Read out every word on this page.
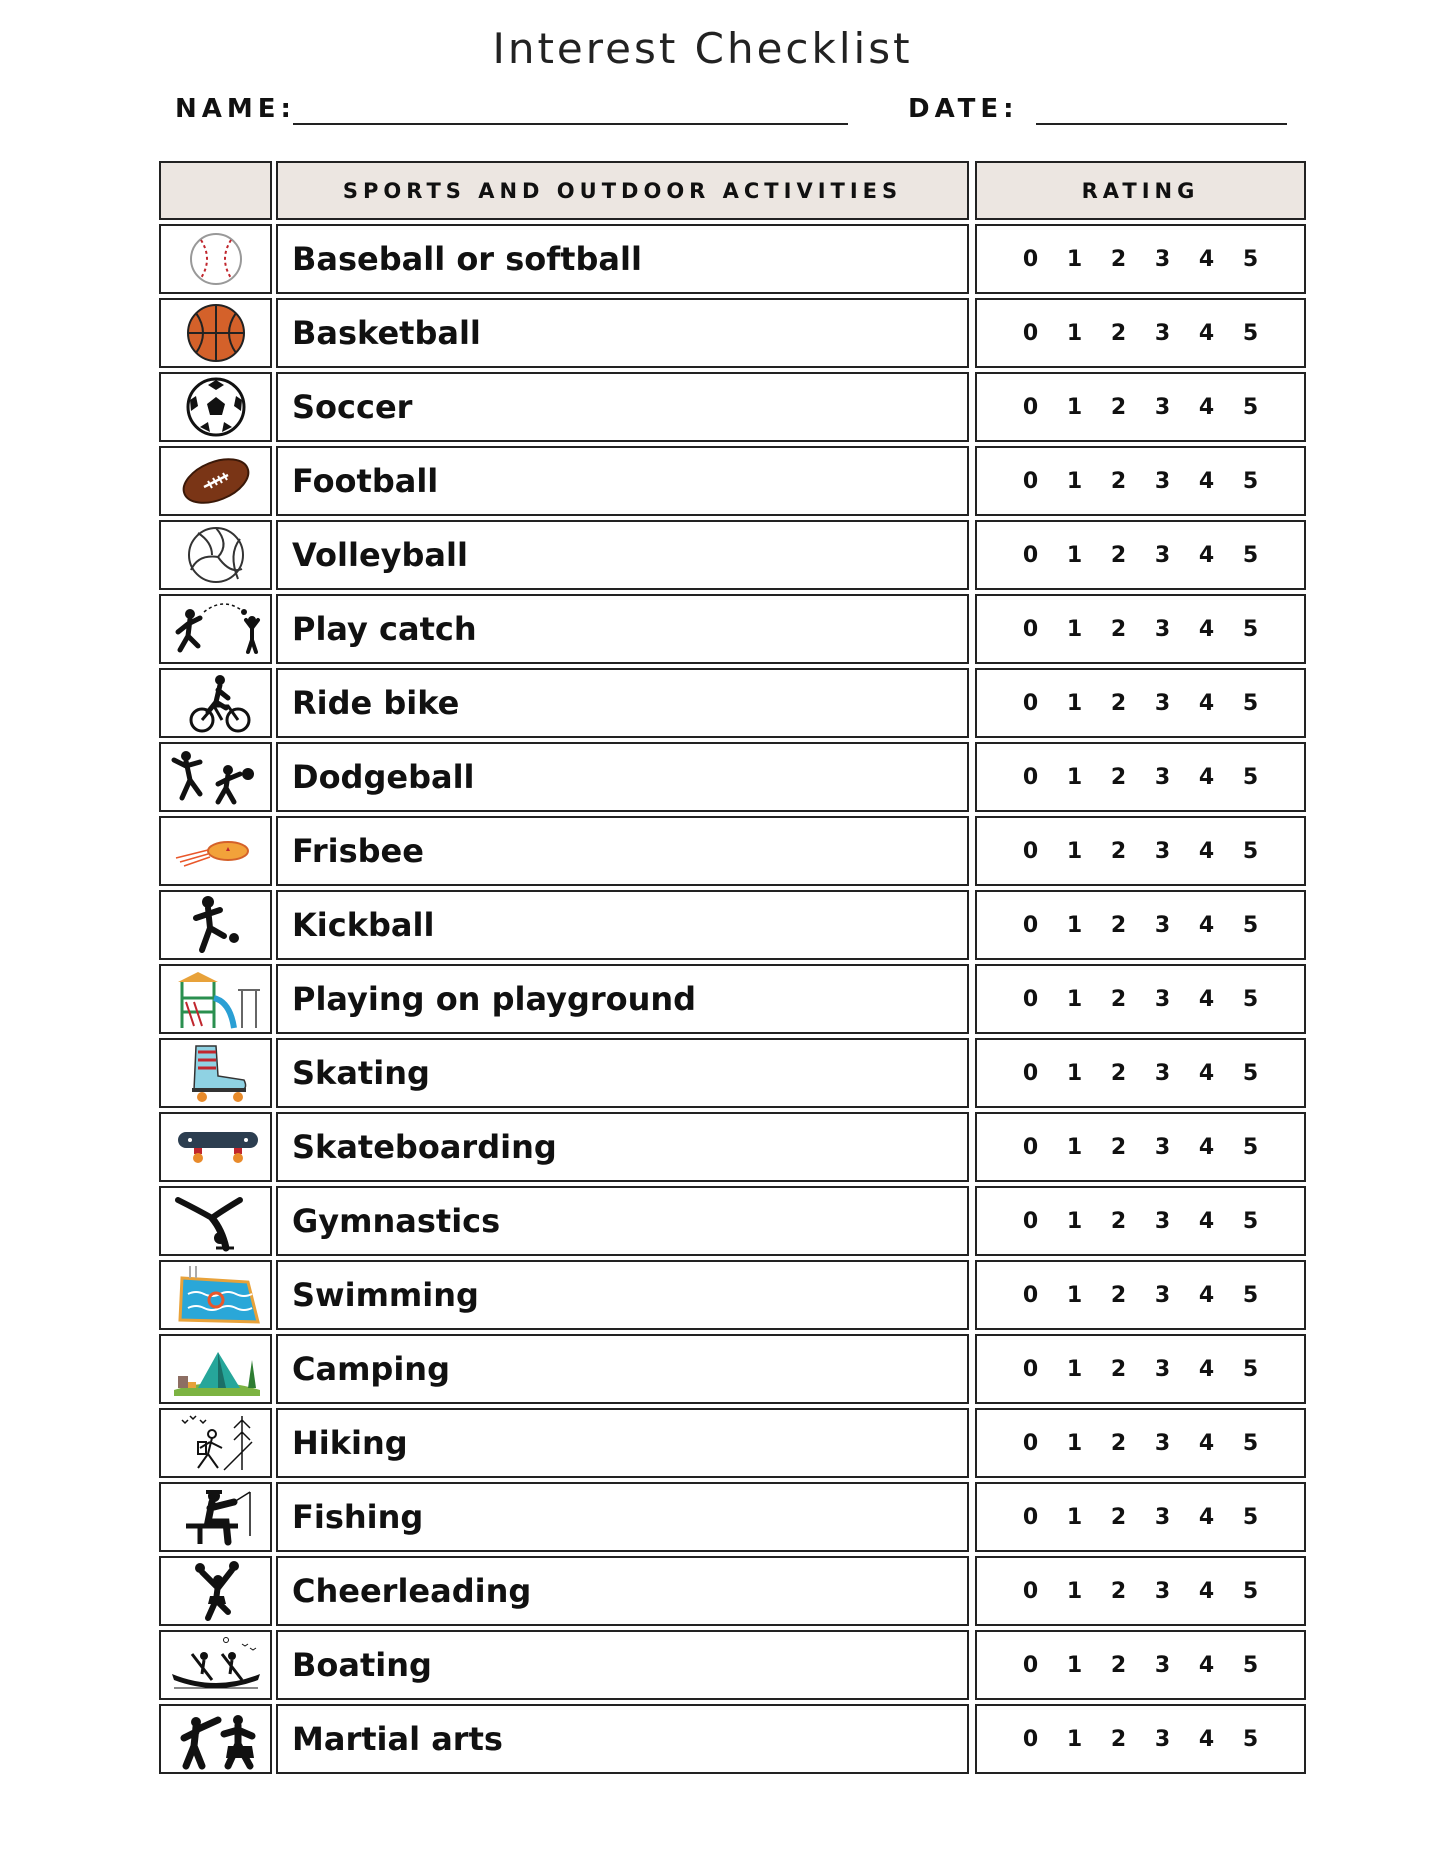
Interest Checklist
NAME:	DATE:
SPORTS AND OUTDOOR ACTIVITIES	RATING
Baseball or softball	0	1	2	3	4	5
Basketball	0	1	2	3	4	5
Soccer	0	1	2	3	4	5
Football	0	1	2	3	4	5
Volleyball	0	1	2	3	4	5
Play catch	0	1	2	3	4	5
Ride bike	0	1	2	3	4	5
Dodgeball	0	1	2	3	4	5
Frisbee	0	1	2	3	4	5
Kickball	0	1	2	3	4	5
Playing on playground	0	1	2	3	4	5
Skating	0	1	2	3	4	5
Skateboarding	0	1	2	3	4	5
Gymnastics	0	1	2	3	4	5
Swimming	0	1	2	3	4	5
Camping	0	1	2	3	4	5
Hiking	0	1	2	3	4	5
Fishing	0	1	2	3	4	5
Cheerleading	0	1	2	3	4	5
Boating	0	1	2	3	4	5
Martial arts	0	1	2	3	4	5
